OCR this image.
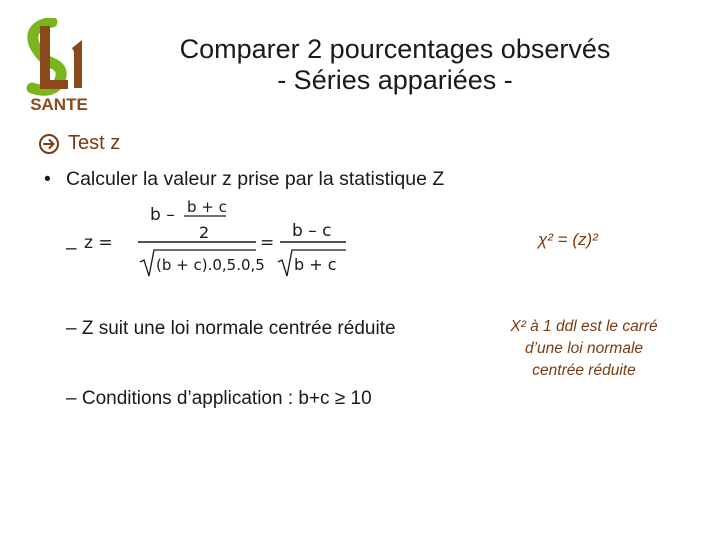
SANTE
Comparer 2 pourcentages observés
- Séries appariées -
Test z
• Calculer la valeur z prise par la statistique Z
– z =
b – b + c
2
(b + c).0,5.0,5
=
b – c
b + c
χ² = (z)²
– Z suit une loi normale centrée réduite
– Conditions d’application : b+c ≥ 10
X² à 1 ddl est le carré
d’une loi normale
centrée réduite
